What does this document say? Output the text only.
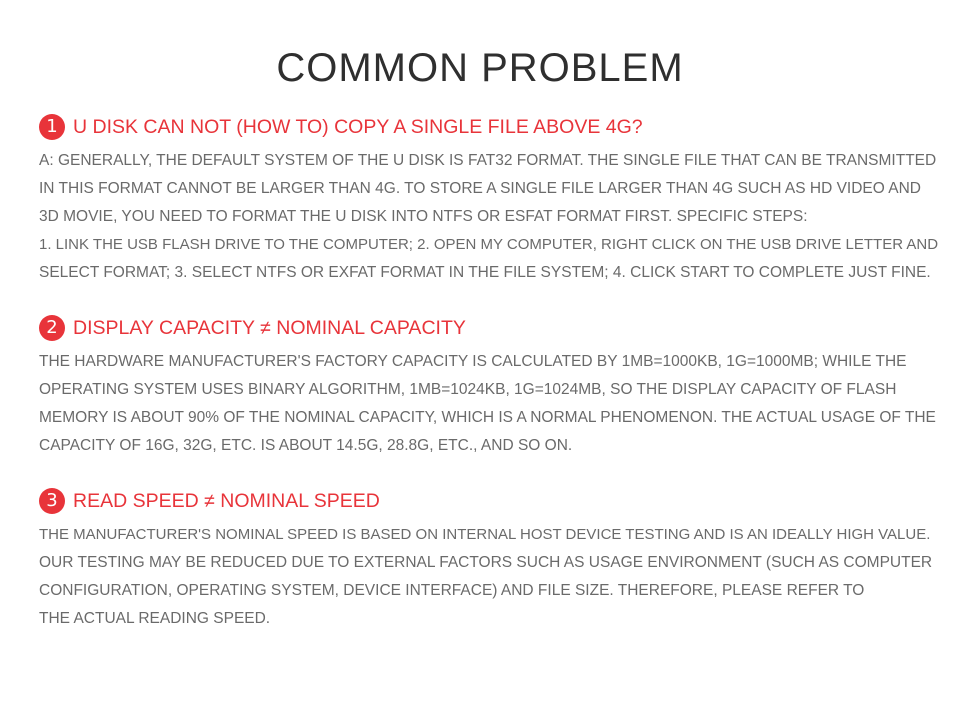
COMMON PROBLEM
1 U DISK CAN NOT (HOW TO) COPY A SINGLE FILE ABOVE 4G?
A: GENERALLY, THE DEFAULT SYSTEM OF THE U DISK IS FAT32 FORMAT. THE SINGLE FILE THAT CAN BE TRANSMITTED
IN THIS FORMAT CANNOT BE LARGER THAN 4G. TO STORE A SINGLE FILE LARGER THAN 4G SUCH AS HD VIDEO AND
3D MOVIE, YOU NEED TO FORMAT THE U DISK INTO NTFS OR ESFAT FORMAT FIRST. SPECIFIC STEPS:
1. LINK THE USB FLASH DRIVE TO THE COMPUTER; 2. OPEN MY COMPUTER, RIGHT CLICK ON THE USB DRIVE LETTER AND
SELECT FORMAT; 3. SELECT NTFS OR EXFAT FORMAT IN THE FILE SYSTEM; 4. CLICK START TO COMPLETE JUST FINE.
2 DISPLAY CAPACITY ≠ NOMINAL CAPACITY
THE HARDWARE MANUFACTURER'S FACTORY CAPACITY IS CALCULATED BY 1MB=1000KB, 1G=1000MB; WHILE THE
OPERATING SYSTEM USES BINARY ALGORITHM, 1MB=1024KB, 1G=1024MB, SO THE DISPLAY CAPACITY OF FLASH
MEMORY IS ABOUT 90% OF THE NOMINAL CAPACITY, WHICH IS A NORMAL PHENOMENON. THE ACTUAL USAGE OF THE
CAPACITY OF 16G, 32G, ETC. IS ABOUT 14.5G, 28.8G, ETC., AND SO ON.
3 READ SPEED ≠ NOMINAL SPEED
THE MANUFACTURER'S NOMINAL SPEED IS BASED ON INTERNAL HOST DEVICE TESTING AND IS AN IDEALLY HIGH VALUE.
OUR TESTING MAY BE REDUCED DUE TO EXTERNAL FACTORS SUCH AS USAGE ENVIRONMENT (SUCH AS COMPUTER
CONFIGURATION, OPERATING SYSTEM, DEVICE INTERFACE) AND FILE SIZE. THEREFORE, PLEASE REFER TO
THE ACTUAL READING SPEED.
